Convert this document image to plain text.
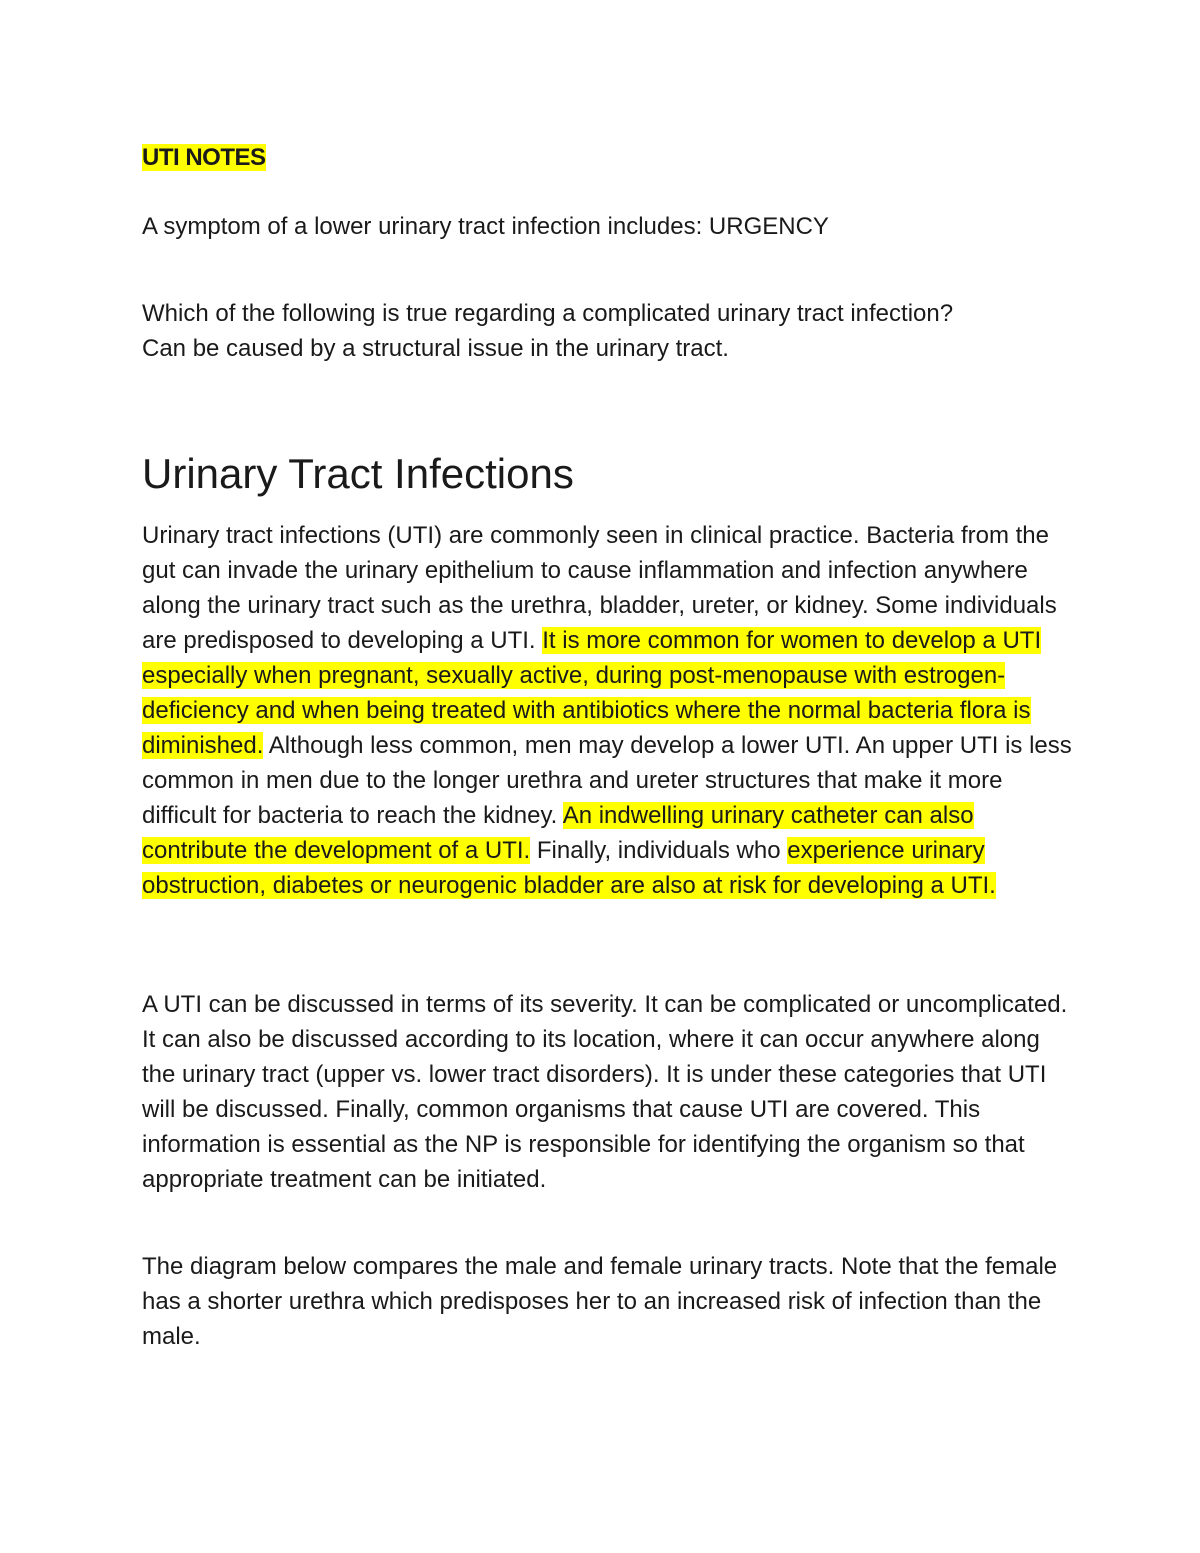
UTI NOTES

A symptom of a lower urinary tract infection includes: URGENCY

Which of the following is true regarding a complicated urinary tract infection?
Can be caused by a structural issue in the urinary tract.

Urinary Tract Infections

Urinary tract infections (UTI) are commonly seen in clinical practice. Bacteria from the gut can invade the urinary epithelium to cause inflammation and infection anywhere along the urinary tract such as the urethra, bladder, ureter, or kidney. Some individuals are predisposed to developing a UTI. It is more common for women to develop a UTI especially when pregnant, sexually active, during post-menopause with estrogen-deficiency and when being treated with antibiotics where the normal bacteria flora is diminished. Although less common, men may develop a lower UTI. An upper UTI is less common in men due to the longer urethra and ureter structures that make it more difficult for bacteria to reach the kidney. An indwelling urinary catheter can also contribute the development of a UTI. Finally, individuals who experience urinary obstruction, diabetes or neurogenic bladder are also at risk for developing a UTI.

A UTI can be discussed in terms of its severity. It can be complicated or uncomplicated. It can also be discussed according to its location, where it can occur anywhere along the urinary tract (upper vs. lower tract disorders). It is under these categories that UTI will be discussed. Finally, common organisms that cause UTI are covered. This information is essential as the NP is responsible for identifying the organism so that appropriate treatment can be initiated.

The diagram below compares the male and female urinary tracts. Note that the female has a shorter urethra which predisposes her to an increased risk of infection than the male.
